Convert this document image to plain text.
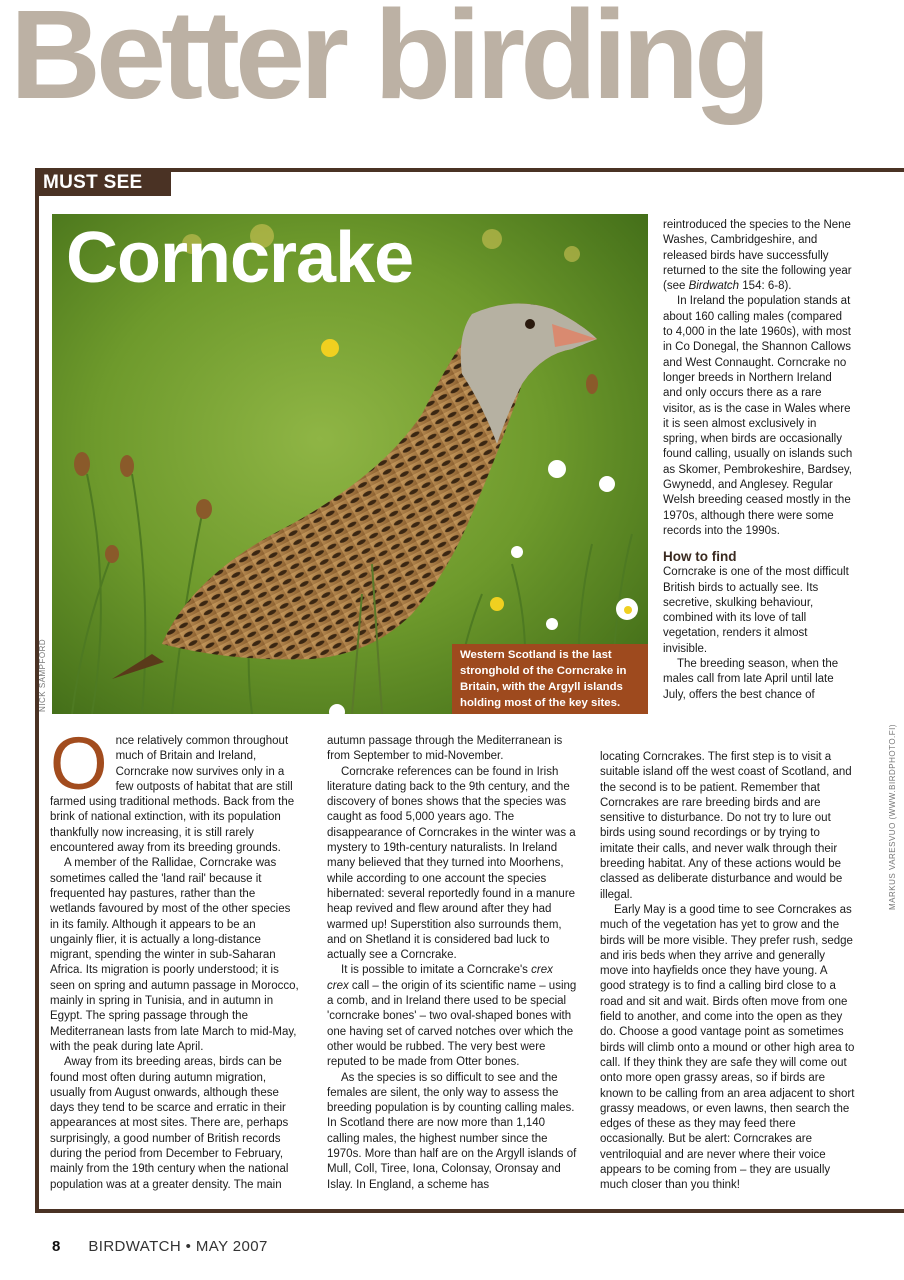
Better birding
MUST SEE
Corncrake
Western Scotland is the last stronghold of the Corncrake in Britain, with the Argyll islands holding most of the key sites.
NICK SAMPFORD
MARKUS VARESVUO (WWW.BIRDPHOTO.FI)

Once relatively common throughout much of Britain and Ireland, Corncrake now survives only in a few outposts of habitat that are still farmed using traditional methods. Back from the brink of national extinction, with its population thankfully now increasing, it is still rarely encountered away from its breeding grounds.

A member of the Rallidae, Corncrake was sometimes called the 'land rail' because it frequented hay pastures, rather than the wetlands favoured by most of the other species in its family. Although it appears to be an ungainly flier, it is actually a long-distance migrant, spending the winter in sub-Saharan Africa. Its migration is poorly understood; it is seen on spring and autumn passage in Morocco, mainly in spring in Tunisia, and in autumn in Egypt. The spring passage through the Mediterranean lasts from late March to mid-May, with the peak during late April.

Away from its breeding areas, birds can be found most often during autumn migration, usually from August onwards, although these days they tend to be scarce and erratic in their appearances at most sites. There are, perhaps surprisingly, a good number of British records during the period from December to February, mainly from the 19th century when the national population was at a greater density. The main

autumn passage through the Mediterranean is from September to mid-November.

Corncrake references can be found in Irish literature dating back to the 9th century, and the discovery of bones shows that the species was caught as food 5,000 years ago. The disappearance of Corncrakes in the winter was a mystery to 19th-century naturalists. In Ireland many believed that they turned into Moorhens, while according to one account the species hibernated: several reportedly found in a manure heap revived and flew around after they had warmed up! Superstition also surrounds them, and on Shetland it is considered bad luck to actually see a Corncrake.

It is possible to imitate a Corncrake's crex crex call – the origin of its scientific name – using a comb, and in Ireland there used to be special 'corncrake bones' – two oval-shaped bones with one having set of carved notches over which the other would be rubbed. The very best were reputed to be made from Otter bones.

As the species is so difficult to see and the females are silent, the only way to assess the breeding population is by counting calling males. In Scotland there are now more than 1,140 calling males, the highest number since the 1970s. More than half are on the Argyll islands of Mull, Coll, Tiree, Iona, Colonsay, Oronsay and Islay. In England, a scheme has

reintroduced the species to the Nene Washes, Cambridgeshire, and released birds have successfully returned to the site the following year (see Birdwatch 154: 6-8).

In Ireland the population stands at about 160 calling males (compared to 4,000 in the late 1960s), with most in Co Donegal, the Shannon Callows and West Connaught. Corncrake no longer breeds in Northern Ireland and only occurs there as a rare visitor, as is the case in Wales where it is seen almost exclusively in spring, when birds are occasionally found calling, usually on islands such as Skomer, Pembrokeshire, Bardsey, Gwynedd, and Anglesey. Regular Welsh breeding ceased mostly in the 1970s, although there were some records into the 1990s.

How to find

Corncrake is one of the most difficult British birds to actually see. Its secretive, skulking behaviour, combined with its love of tall vegetation, renders it almost invisible.

The breeding season, when the males call from late April until late July, offers the best chance of

locating Corncrakes. The first step is to visit a suitable island off the west coast of Scotland, and the second is to be patient. Remember that Corncrakes are rare breeding birds and are sensitive to disturbance. Do not try to lure out birds using sound recordings or by trying to imitate their calls, and never walk through their breeding habitat. Any of these actions would be classed as deliberate disturbance and would be illegal.

Early May is a good time to see Corncrakes as much of the vegetation has yet to grow and the birds will be more visible. They prefer rush, sedge and iris beds when they arrive and generally move into hayfields once they have young. A good strategy is to find a calling bird close to a road and sit and wait. Birds often move from one field to another, and come into the open as they do. Choose a good vantage point as sometimes birds will climb onto a mound or other high area to call. If they think they are safe they will come out onto more open grassy areas, so if birds are known to be calling from an area adjacent to short grassy meadows, or even lawns, then search the edges of these as they may feed there occasionally. But be alert: Corncrakes are ventriloquial and are never where their voice appears to be coming from – they are usually much closer than you think!

8 BIRDWATCH • MAY 2007
